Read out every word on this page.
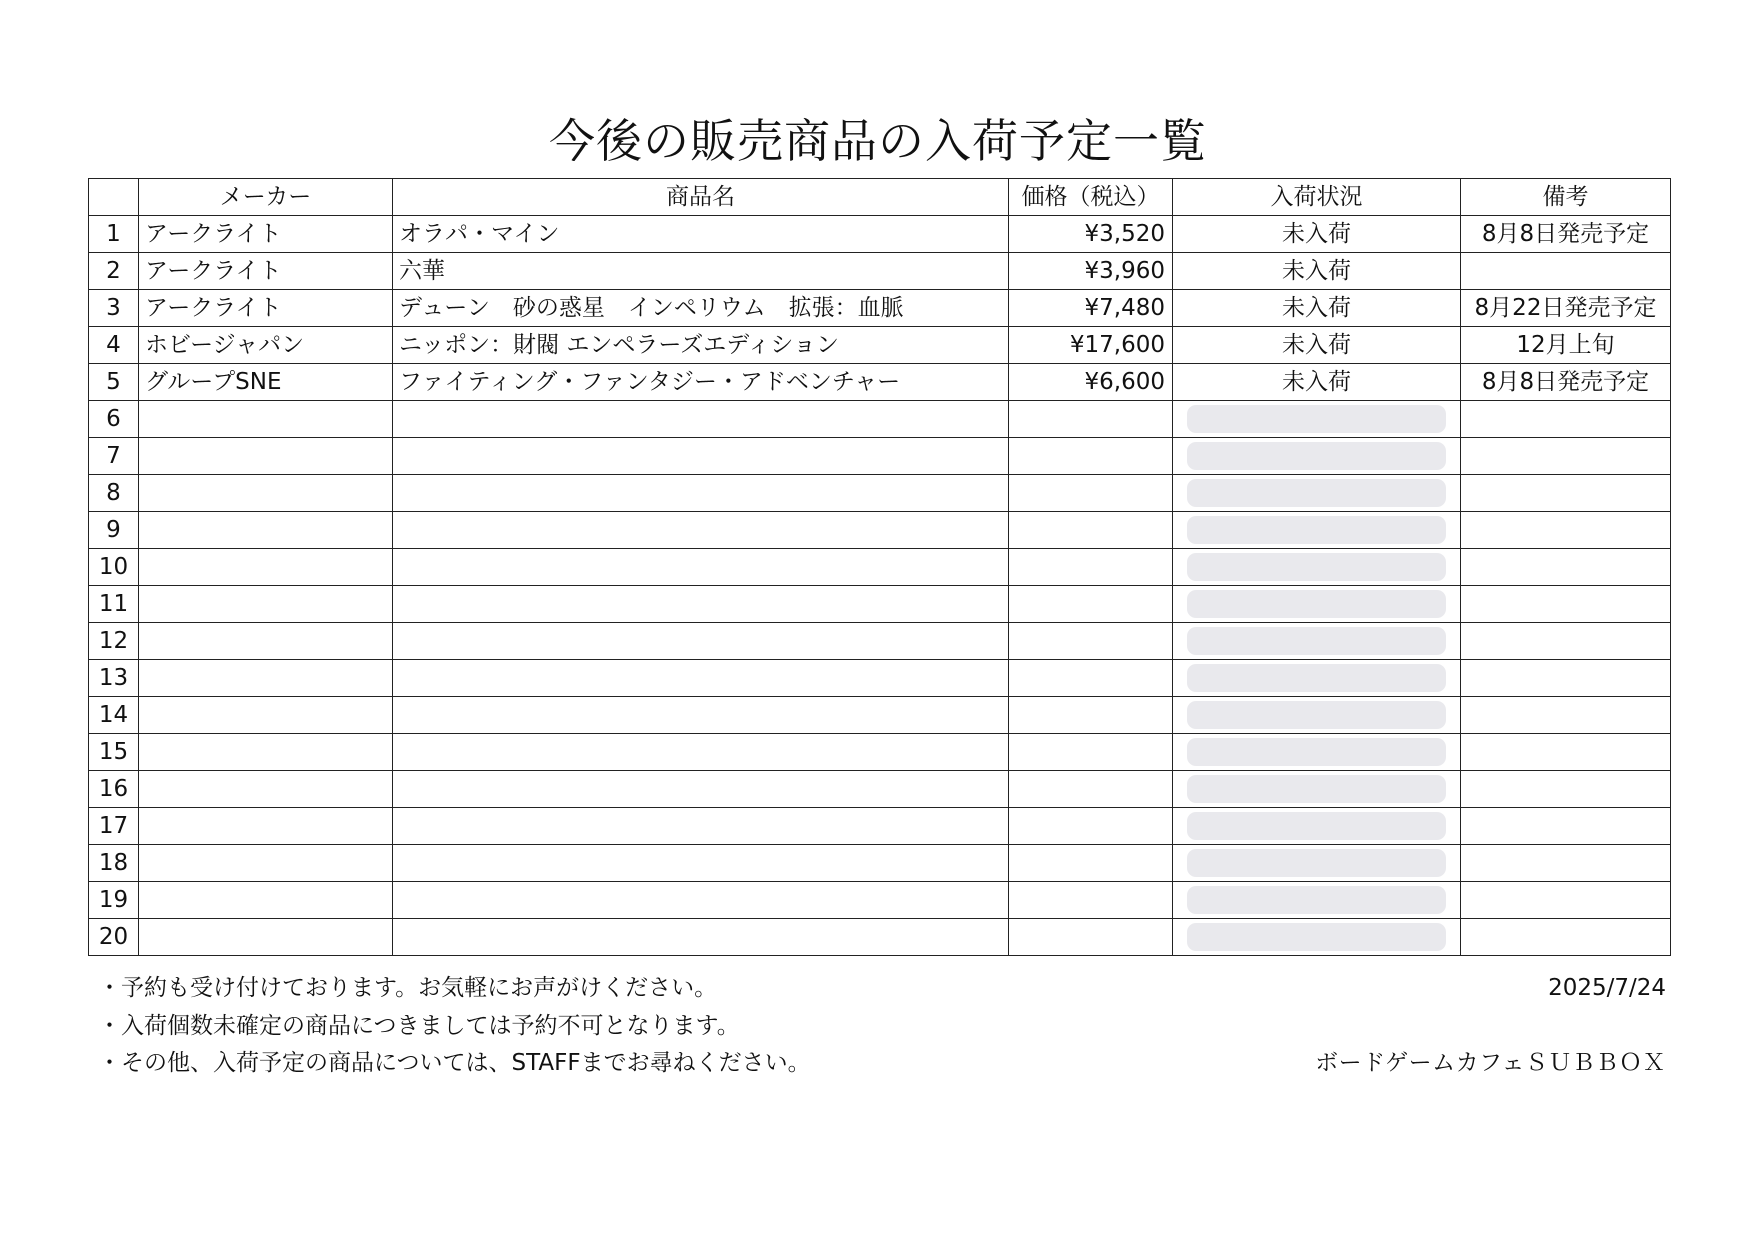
今後の販売商品の入荷予定一覧
	メーカー	商品名	価格（税込）	入荷状況	備考
1	アークライト	オラパ・マイン	¥3,520	未入荷	8月8日発売予定
2	アークライト	六華	¥3,960	未入荷	
3	アークライト	デューン　砂の惑星　インペリウム　拡張：血脈	¥7,480	未入荷	8月22日発売予定
4	ホビージャパン	ニッポン：財閥 エンペラーズエディション	¥17,600	未入荷	12月上旬
5	グループSNE	ファイティング・ファンタジー・アドベンチャー	¥6,600	未入荷	8月8日発売予定
6				

7				

8				

9				

10				

11				

12				

13				

14				

15				

16				

17				

18				

19				

20				

・予約も受け付けております。お気軽にお声がけください。
・入荷個数未確定の商品につきましては予約不可となります。
・その他、入荷予定の商品については、STAFFまでお尋ねください。
2025/7/24
ボードゲームカフェＳＵＢＢＯＸ
